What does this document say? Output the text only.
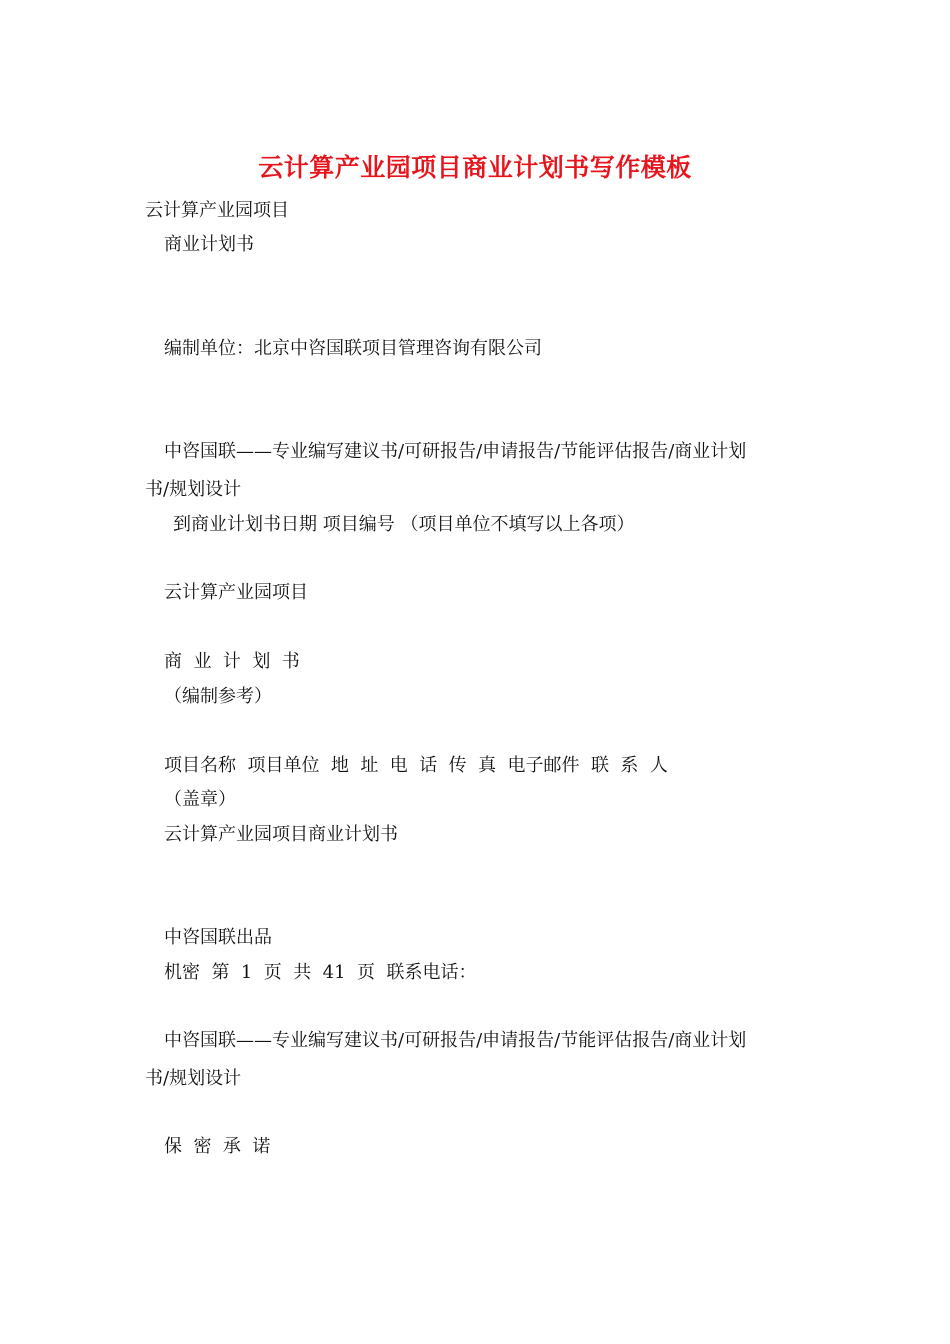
云计算产业园项目商业计划书写作模板
云计算产业园项目
商业计划书
编制单位：北京中咨国联项目管理咨询有限公司
中咨国联——专业编写建议书/可研报告/申请报告/节能评估报告/商业计划
书/规划设计
到商业计划书日期 项目编号 （项目单位不填写以上各项）
云计算产业园项目
商  业  计  划  书
（编制参考）
项目名称  项目单位  地  址  电  话  传  真  电子邮件  联  系  人
（盖章）
云计算产业园项目商业计划书
中咨国联出品
机密  第  1  页  共  41  页  联系电话：
中咨国联——专业编写建议书/可研报告/申请报告/节能评估报告/商业计划
书/规划设计
保  密  承  诺
